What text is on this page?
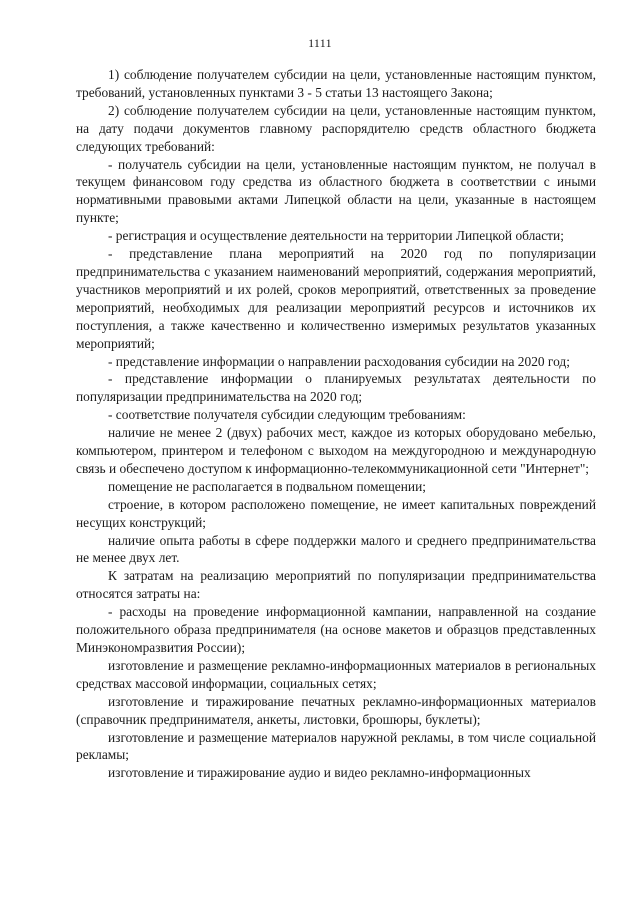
1111

1) соблюдение получателем субсидии на цели, установленные настоящим пунктом, требований, установленных пунктами 3 - 5 статьи 13 настоящего Закона;

2) соблюдение получателем субсидии на цели, установленные настоящим пунктом, на дату подачи документов главному распорядителю средств областного бюджета следующих требований:

- получатель субсидии на цели, установленные настоящим пунктом, не получал в текущем финансовом году средства из областного бюджета в соответствии с иными нормативными правовыми актами Липецкой области на цели, указанные в настоящем пункте;

- регистрация и осуществление деятельности на территории Липецкой области;

- представление плана мероприятий на 2020 год по популяризации предпринимательства с указанием наименований мероприятий, содержания мероприятий, участников мероприятий и их ролей, сроков мероприятий, ответственных за проведение мероприятий, необходимых для реализации мероприятий ресурсов и источников их поступления, а также качественно и количественно измеримых результатов указанных мероприятий;

- представление информации о направлении расходования субсидии на 2020 год;

- представление информации о планируемых результатах деятельности по популяризации предпринимательства на 2020 год;

- соответствие получателя субсидии следующим требованиям:

наличие не менее 2 (двух) рабочих мест, каждое из которых оборудовано мебелью, компьютером, принтером и телефоном с выходом на междугородною и международную связь и обеспечено доступом к информационно-телекоммуникационной сети "Интернет";

помещение не располагается в подвальном помещении;

строение, в котором расположено помещение, не имеет капитальных повреждений несущих конструкций;

наличие опыта работы в сфере поддержки малого и среднего предпринимательства не менее двух лет.

К затратам на реализацию мероприятий по популяризации предпринимательства относятся затраты на:

- расходы на проведение информационной кампании, направленной на создание положительного образа предпринимателя (на основе макетов и образцов представленных Минэкономразвития России);

изготовление и размещение рекламно-информационных материалов в региональных средствах массовой информации, социальных сетях;

изготовление и тиражирование печатных рекламно-информационных материалов (справочник предпринимателя, анкеты, листовки, брошюры, буклеты);

изготовление и размещение материалов наружной рекламы, в том числе социальной рекламы;

изготовление и тиражирование аудио и видео рекламно-информационных
